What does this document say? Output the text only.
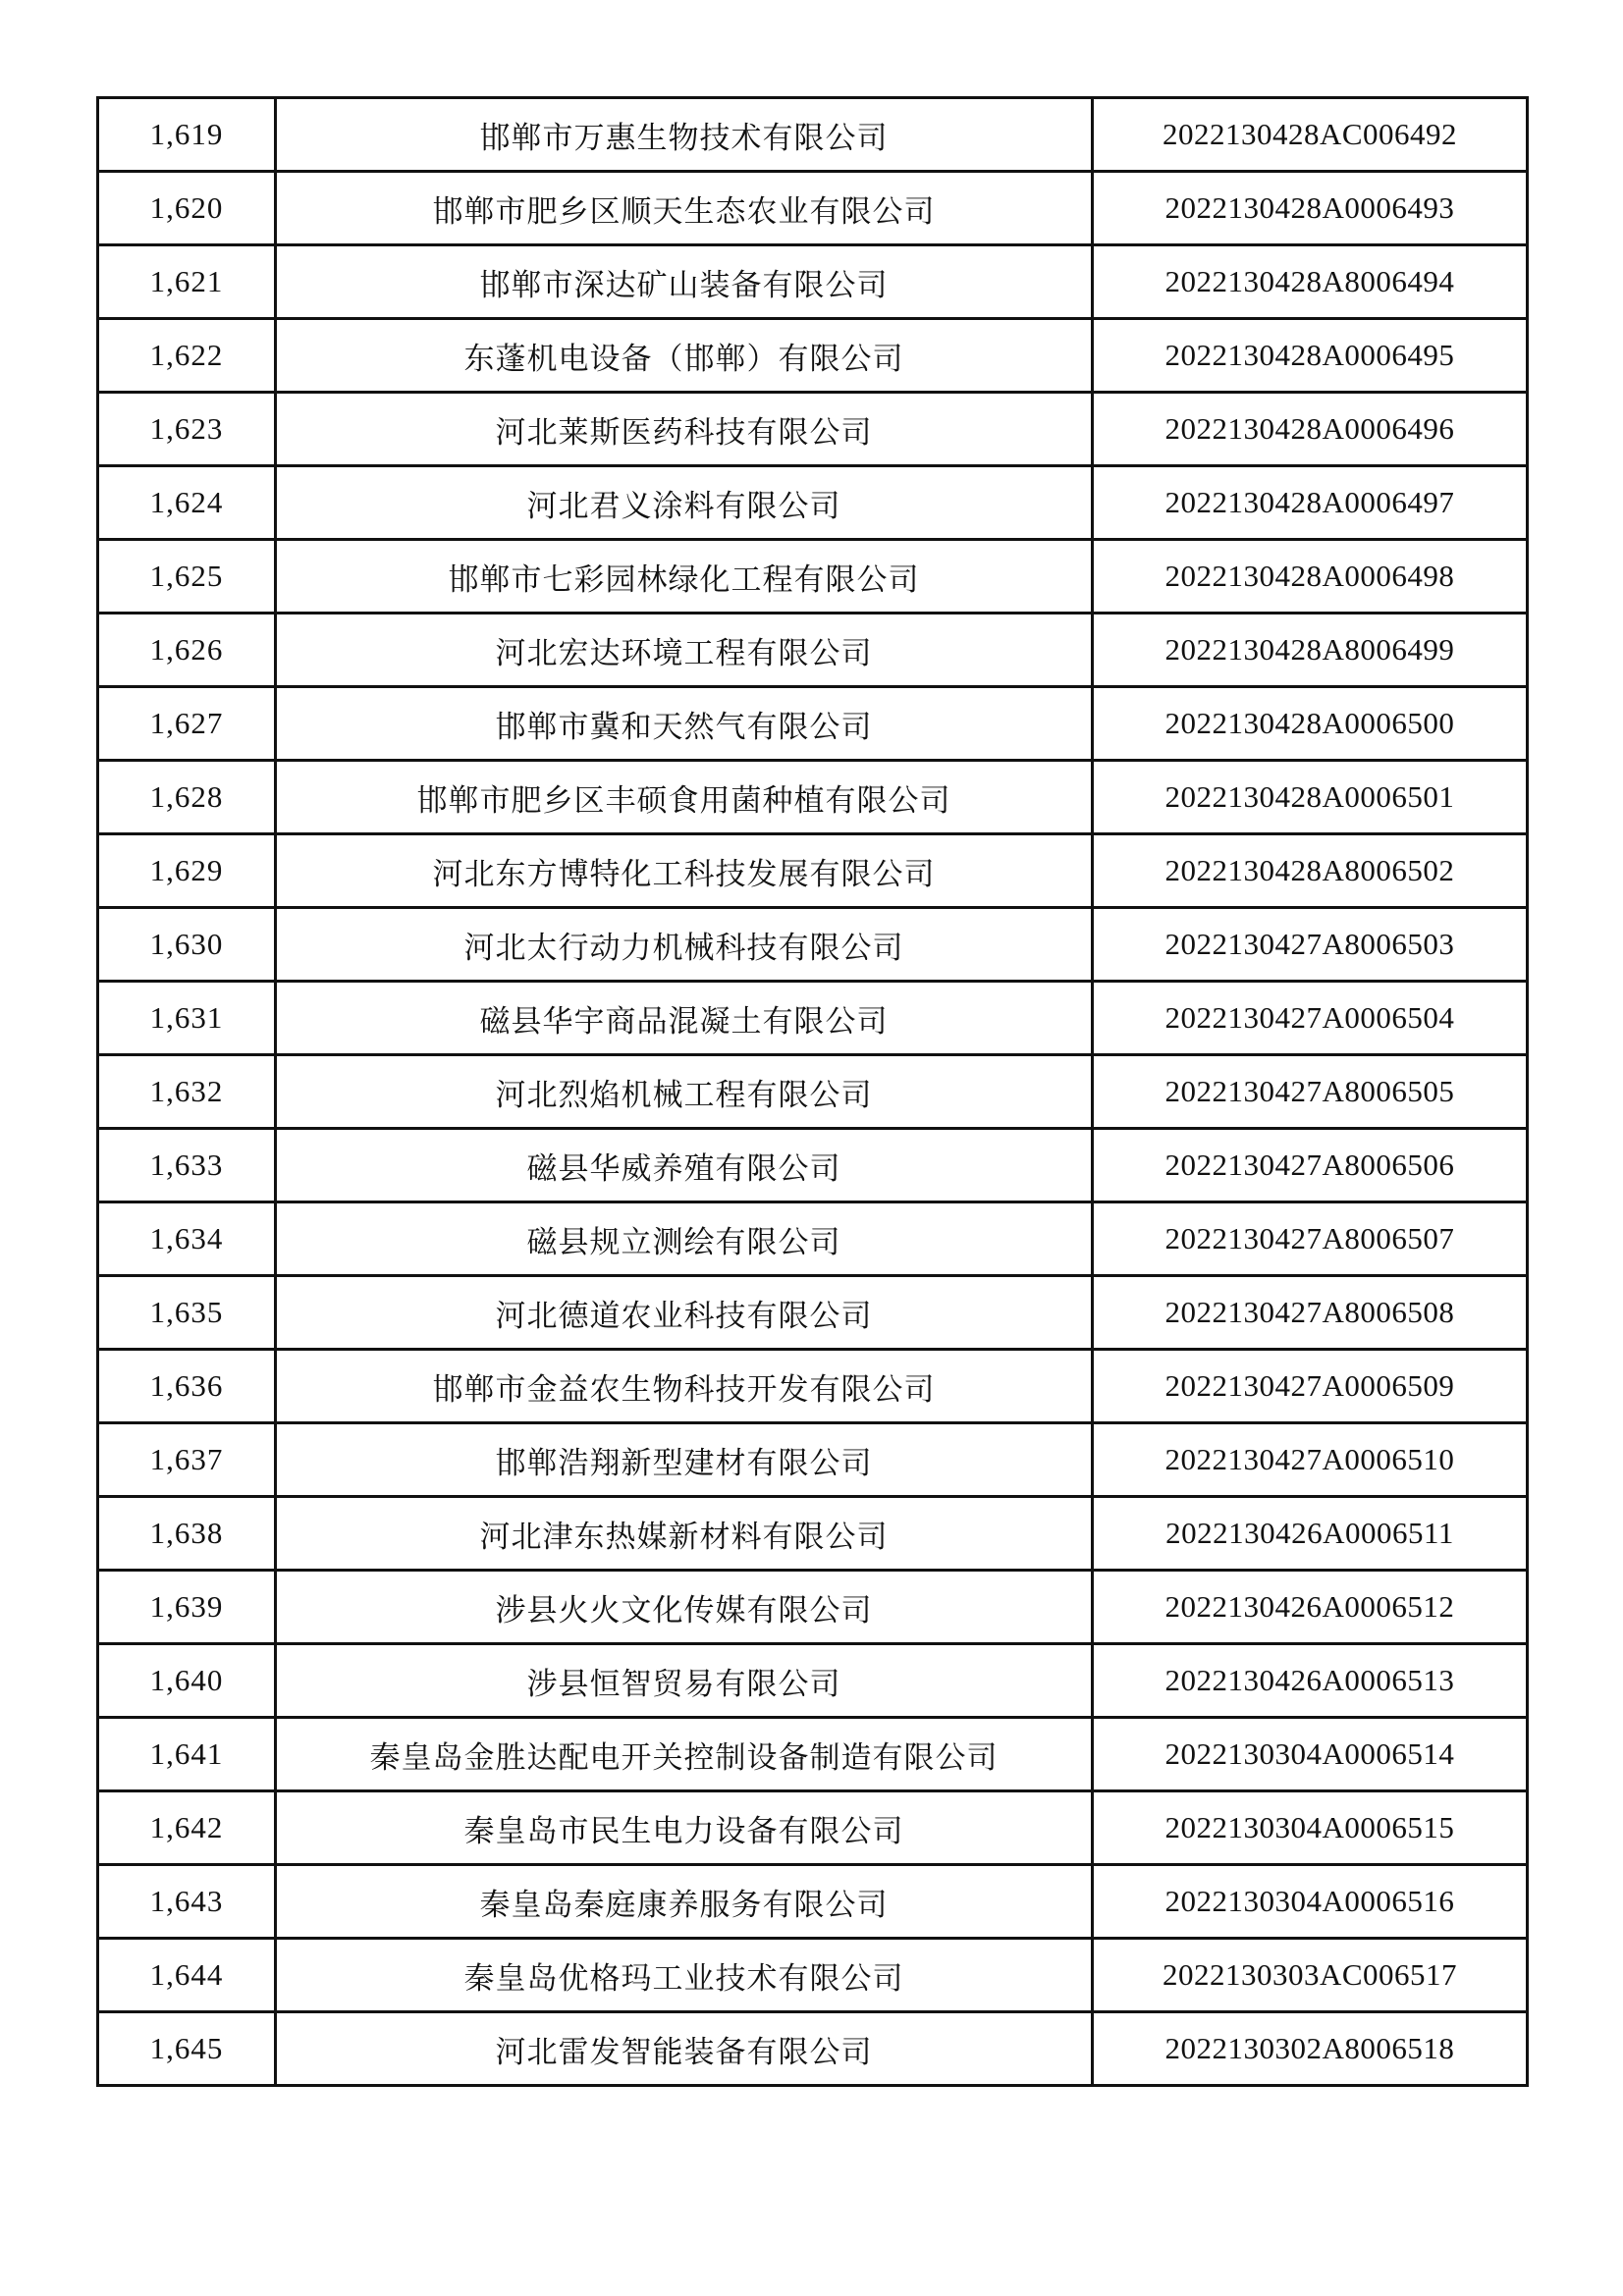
1,619	邯郸市万惠生物技术有限公司	2022130428AC006492
1,620	邯郸市肥乡区顺天生态农业有限公司	2022130428A0006493
1,621	邯郸市深达矿山装备有限公司	2022130428A8006494
1,622	东蓬机电设备（邯郸）有限公司	2022130428A0006495
1,623	河北莱斯医药科技有限公司	2022130428A0006496
1,624	河北君义涂料有限公司	2022130428A0006497
1,625	邯郸市七彩园林绿化工程有限公司	2022130428A0006498
1,626	河北宏达环境工程有限公司	2022130428A8006499
1,627	邯郸市冀和天然气有限公司	2022130428A0006500
1,628	邯郸市肥乡区丰硕食用菌种植有限公司	2022130428A0006501
1,629	河北东方博特化工科技发展有限公司	2022130428A8006502
1,630	河北太行动力机械科技有限公司	2022130427A8006503
1,631	磁县华宇商品混凝土有限公司	2022130427A0006504
1,632	河北烈焰机械工程有限公司	2022130427A8006505
1,633	磁县华威养殖有限公司	2022130427A8006506
1,634	磁县规立测绘有限公司	2022130427A8006507
1,635	河北德道农业科技有限公司	2022130427A8006508
1,636	邯郸市金益农生物科技开发有限公司	2022130427A0006509
1,637	邯郸浩翔新型建材有限公司	2022130427A0006510
1,638	河北津东热媒新材料有限公司	2022130426A0006511
1,639	涉县火火文化传媒有限公司	2022130426A0006512
1,640	涉县恒智贸易有限公司	2022130426A0006513
1,641	秦皇岛金胜达配电开关控制设备制造有限公司	2022130304A0006514
1,642	秦皇岛市民生电力设备有限公司	2022130304A0006515
1,643	秦皇岛秦庭康养服务有限公司	2022130304A0006516
1,644	秦皇岛优格玛工业技术有限公司	2022130303AC006517
1,645	河北雷发智能装备有限公司	2022130302A8006518
